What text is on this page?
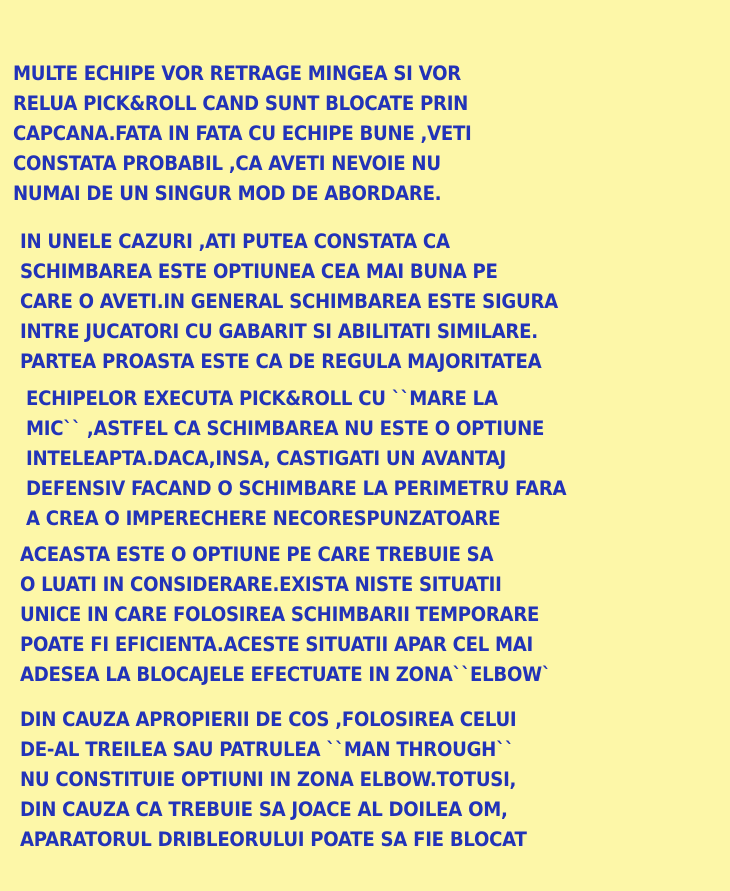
MULTE ECHIPE VOR RETRAGE MINGEA SI VOR
RELUA PICK&ROLL CAND SUNT BLOCATE PRIN
CAPCANA.FATA IN FATA CU ECHIPE BUNE ,VETI
CONSTATA PROBABIL ,CA AVETI NEVOIE NU
NUMAI DE UN SINGUR MOD DE ABORDARE.

IN UNELE CAZURI ,ATI PUTEA CONSTATA CA
SCHIMBAREA ESTE OPTIUNEA CEA MAI BUNA PE
CARE O AVETI.IN GENERAL SCHIMBAREA ESTE SIGURA
INTRE JUCATORI CU GABARIT SI ABILITATI SIMILARE.
PARTEA PROASTA ESTE CA DE REGULA MAJORITATEA

ECHIPELOR EXECUTA PICK&ROLL CU ``MARE LA
MIC`` ,ASTFEL CA SCHIMBAREA NU ESTE O OPTIUNE
INTELEAPTA.DACA,INSA, CASTIGATI UN AVANTAJ
DEFENSIV FACAND O SCHIMBARE LA PERIMETRU FARA
A CREA O IMPERECHERE NECORESPUNZATOARE

ACEASTA ESTE O OPTIUNE PE CARE TREBUIE SA
O LUATI IN CONSIDERARE.EXISTA NISTE SITUATII
UNICE IN CARE FOLOSIREA SCHIMBARII TEMPORARE
POATE FI EFICIENTA.ACESTE SITUATII APAR CEL MAI
ADESEA LA BLOCAJELE EFECTUATE IN ZONA``ELBOW`

DIN CAUZA APROPIERII DE COS ,FOLOSIREA CELUI
DE-AL TREILEA SAU PATRULEA ``MAN THROUGH``
NU CONSTITUIE OPTIUNI IN ZONA ELBOW.TOTUSI,
DIN CAUZA CA TREBUIE SA JOACE AL DOILEA OM,
APARATORUL DRIBLEORULUI POATE SA FIE BLOCAT
